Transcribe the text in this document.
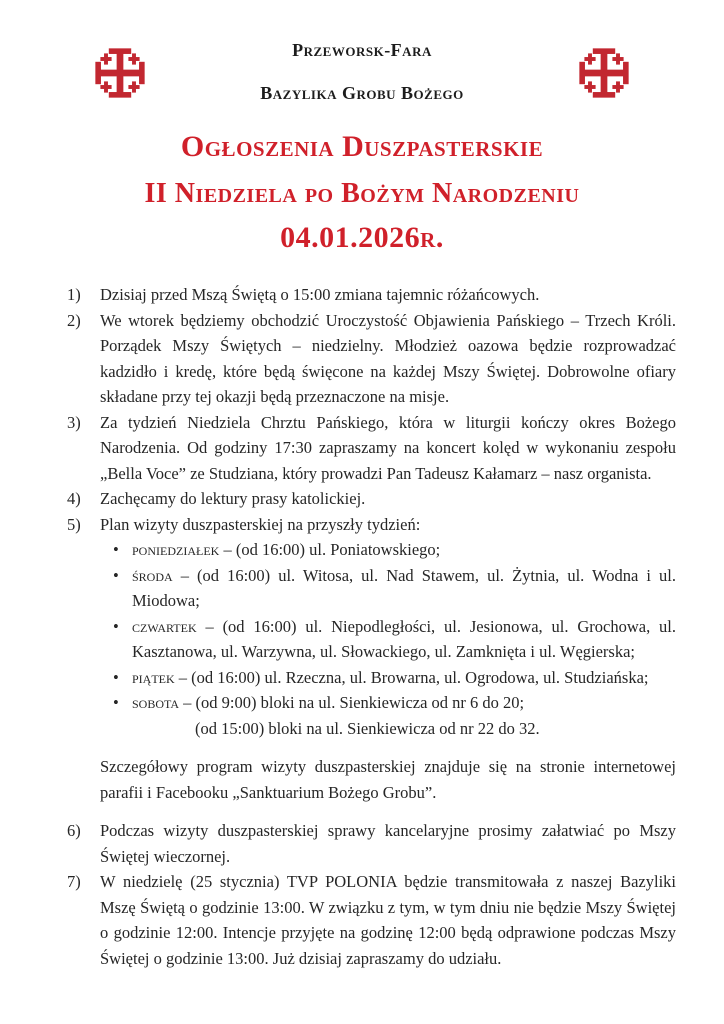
Przeworsk-Fara
Bazylika Grobu Bożego
Ogłoszenia Duszpasterskie
II Niedziela po Bożym Narodzeniu
04.01.2026r.
1)	Dzisiaj przed Mszą Świętą o 15:00 zmiana tajemnic różańcowych.
2)	We wtorek będziemy obchodzić Uroczystość Objawienia Pańskiego – Trzech Króli. Porządek Mszy Świętych – niedzielny. Młodzież oazowa będzie rozprowadzać kadzidło i kredę, które będą święcone na każdej Mszy Świętej. Dobrowolne ofiary składane przy tej okazji będą przeznaczone na misje.
3)	Za tydzień Niedziela Chrztu Pańskiego, która w liturgii kończy okres Bożego Narodzenia. Od godziny 17:30 zapraszamy na koncert kolęd w wykonaniu zespołu „Bella Voce” ze Studziana, który prowadzi Pan Tadeusz Kałamarz – nasz organista.
4)	Zachęcamy do lektury prasy katolickiej.
5)	Plan wizyty duszpasterskiej na przyszły tydzień:
• poniedziałek – (od 16:00) ul. Poniatowskiego;
• środa – (od 16:00) ul. Witosa, ul. Nad Stawem, ul. Żytnia, ul. Wodna i ul. Miodowa;
• czwartek – (od 16:00) ul. Niepodległości, ul. Jesionowa, ul. Grochowa, ul. Kasztanowa, ul. Warzywna, ul. Słowackiego, ul. Zamknięta i ul. Węgierska;
• piątek – (od 16:00) ul. Rzeczna, ul. Browarna, ul. Ogrodowa, ul. Studziańska;
• sobota – (od 9:00) bloki na ul. Sienkiewicza od nr 6 do 20;
(od 15:00) bloki na ul. Sienkiewicza od nr 22 do 32.

Szczegółowy program wizyty duszpasterskiej znajduje się na stronie internetowej parafii i Facebooku „Sanktuarium Bożego Grobu”.

6)	Podczas wizyty duszpasterskiej sprawy kancelaryjne prosimy załatwiać po Mszy Świętej wieczornej.
7)	W niedzielę (25 stycznia) TVP POLONIA będzie transmitowała z naszej Bazyliki Mszę Świętą o godzinie 13:00. W związku z tym, w tym dniu nie będzie Mszy Świętej o godzinie 12:00. Intencje przyjęte na godzinę 12:00 będą odprawione podczas Mszy Świętej o godzinie 13:00. Już dzisiaj zapraszamy do udziału.
